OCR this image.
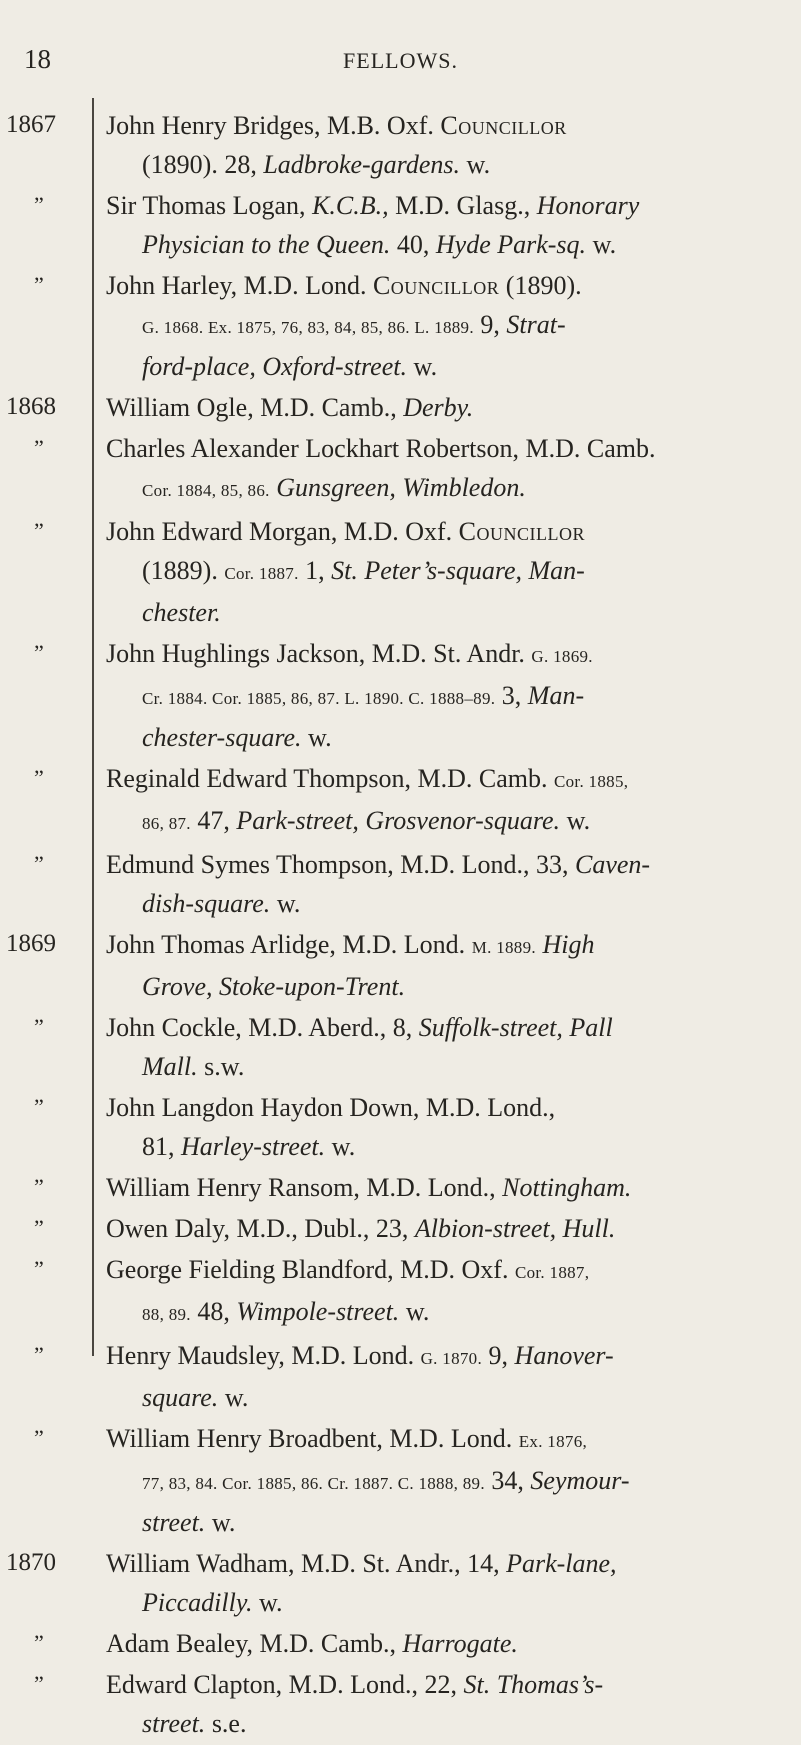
18	FELLOWS.
1867	John Henry Bridges, M.B. Oxf. Councillor
(1890). 28, Ladbroke-gardens. w.
”	Sir Thomas Logan, K.C.B., M.D. Glasg., Honorary
Physician to the Queen. 40, Hyde Park-sq. w.
”	John Harley, M.D. Lond. Councillor (1890).
G. 1868. Ex. 1875, 76, 83, 84, 85, 86. L. 1889. 9, Strat-
ford-place, Oxford-street. w.
1868	William Ogle, M.D. Camb., Derby.
”	Charles Alexander Lockhart Robertson, M.D. Camb.
Cor. 1884, 85, 86. Gunsgreen, Wimbledon.
”	John Edward Morgan, M.D. Oxf. Councillor
(1889). Cor. 1887. 1, St. Peter’s-square, Man-
chester.
”	John Hughlings Jackson, M.D. St. Andr. G. 1869.
Cr. 1884. Cor. 1885, 86, 87. L. 1890. C. 1888–89. 3, Man-
chester-square. w.
”	Reginald Edward Thompson, M.D. Camb. Cor. 1885,
86, 87. 47, Park-street, Grosvenor-square. w.
”	Edmund Symes Thompson, M.D. Lond., 33, Caven-
dish-square. w.
1869	John Thomas Arlidge, M.D. Lond. M. 1889. High
Grove, Stoke-upon-Trent.
”	John Cockle, M.D. Aberd., 8, Suffolk-street, Pall
Mall. s.w.
”	John Langdon Haydon Down, M.D. Lond.,
81, Harley-street. w.
”	William Henry Ransom, M.D. Lond., Nottingham.
”	Owen Daly, M.D., Dubl., 23, Albion-street, Hull.
”	George Fielding Blandford, M.D. Oxf. Cor. 1887,
88, 89. 48, Wimpole-street. w.
”	Henry Maudsley, M.D. Lond. G. 1870. 9, Hanover-
square. w.
”	William Henry Broadbent, M.D. Lond. Ex. 1876,
77, 83, 84. Cor. 1885, 86. Cr. 1887. C. 1888, 89. 34, Seymour-
street. w.
1870	William Wadham, M.D. St. Andr., 14, Park-lane,
Piccadilly. w.
”	Adam Bealey, M.D. Camb., Harrogate.
”	Edward Clapton, M.D. Lond., 22, St. Thomas’s-
street. s.e.
